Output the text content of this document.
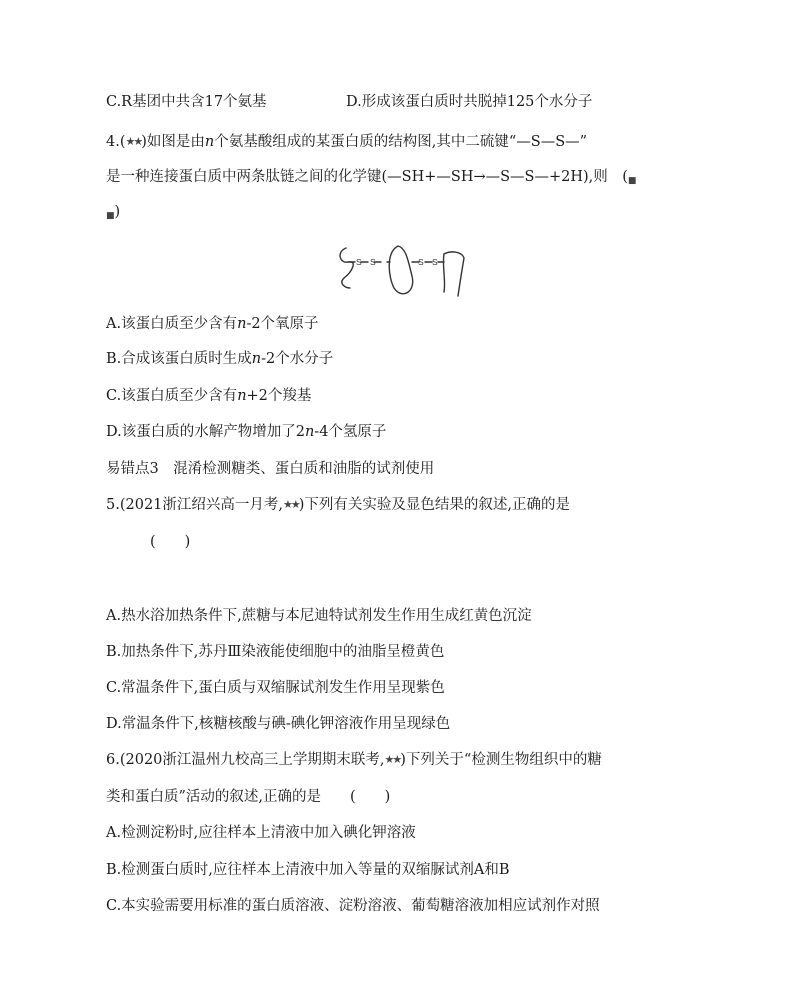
C.R基团中共含17个氨基	D.形成该蛋白质时共脱掉125个水分子
4.(★★)如图是由n个氨基酸组成的某蛋白质的结构图,其中二硫键“—S—S—”
是一种连接蛋白质中两条肽链之间的化学键(—SH+—SH→—S—S—+2H),则　(■
■)
S S	S S
A.该蛋白质至少含有n-2个氧原子
B.合成该蛋白质时生成n-2个水分子
C.该蛋白质至少含有n+2个羧基
D.该蛋白质的水解产物增加了2n-4个氢原子
易错点3　混淆检测糖类、蛋白质和油脂的试剂使用
5.(2021浙江绍兴高一月考,★★)下列有关实验及显色结果的叙述,正确的是
(　　)
A.热水浴加热条件下,蔗糖与本尼迪特试剂发生作用生成红黄色沉淀
B.加热条件下,苏丹Ⅲ染液能使细胞中的油脂呈橙黄色
C.常温条件下,蛋白质与双缩脲试剂发生作用呈现紫色
D.常温条件下,核糖核酸与碘-碘化钾溶液作用呈现绿色
6.(2020浙江温州九校高三上学期期末联考,★★)下列关于“检测生物组织中的糖
类和蛋白质”活动的叙述,正确的是　　(　　)
A.检测淀粉时,应往样本上清液中加入碘化钾溶液
B.检测蛋白质时,应往样本上清液中加入等量的双缩脲试剂A和B
C.本实验需要用标准的蛋白质溶液、淀粉溶液、葡萄糖溶液加相应试剂作对照
